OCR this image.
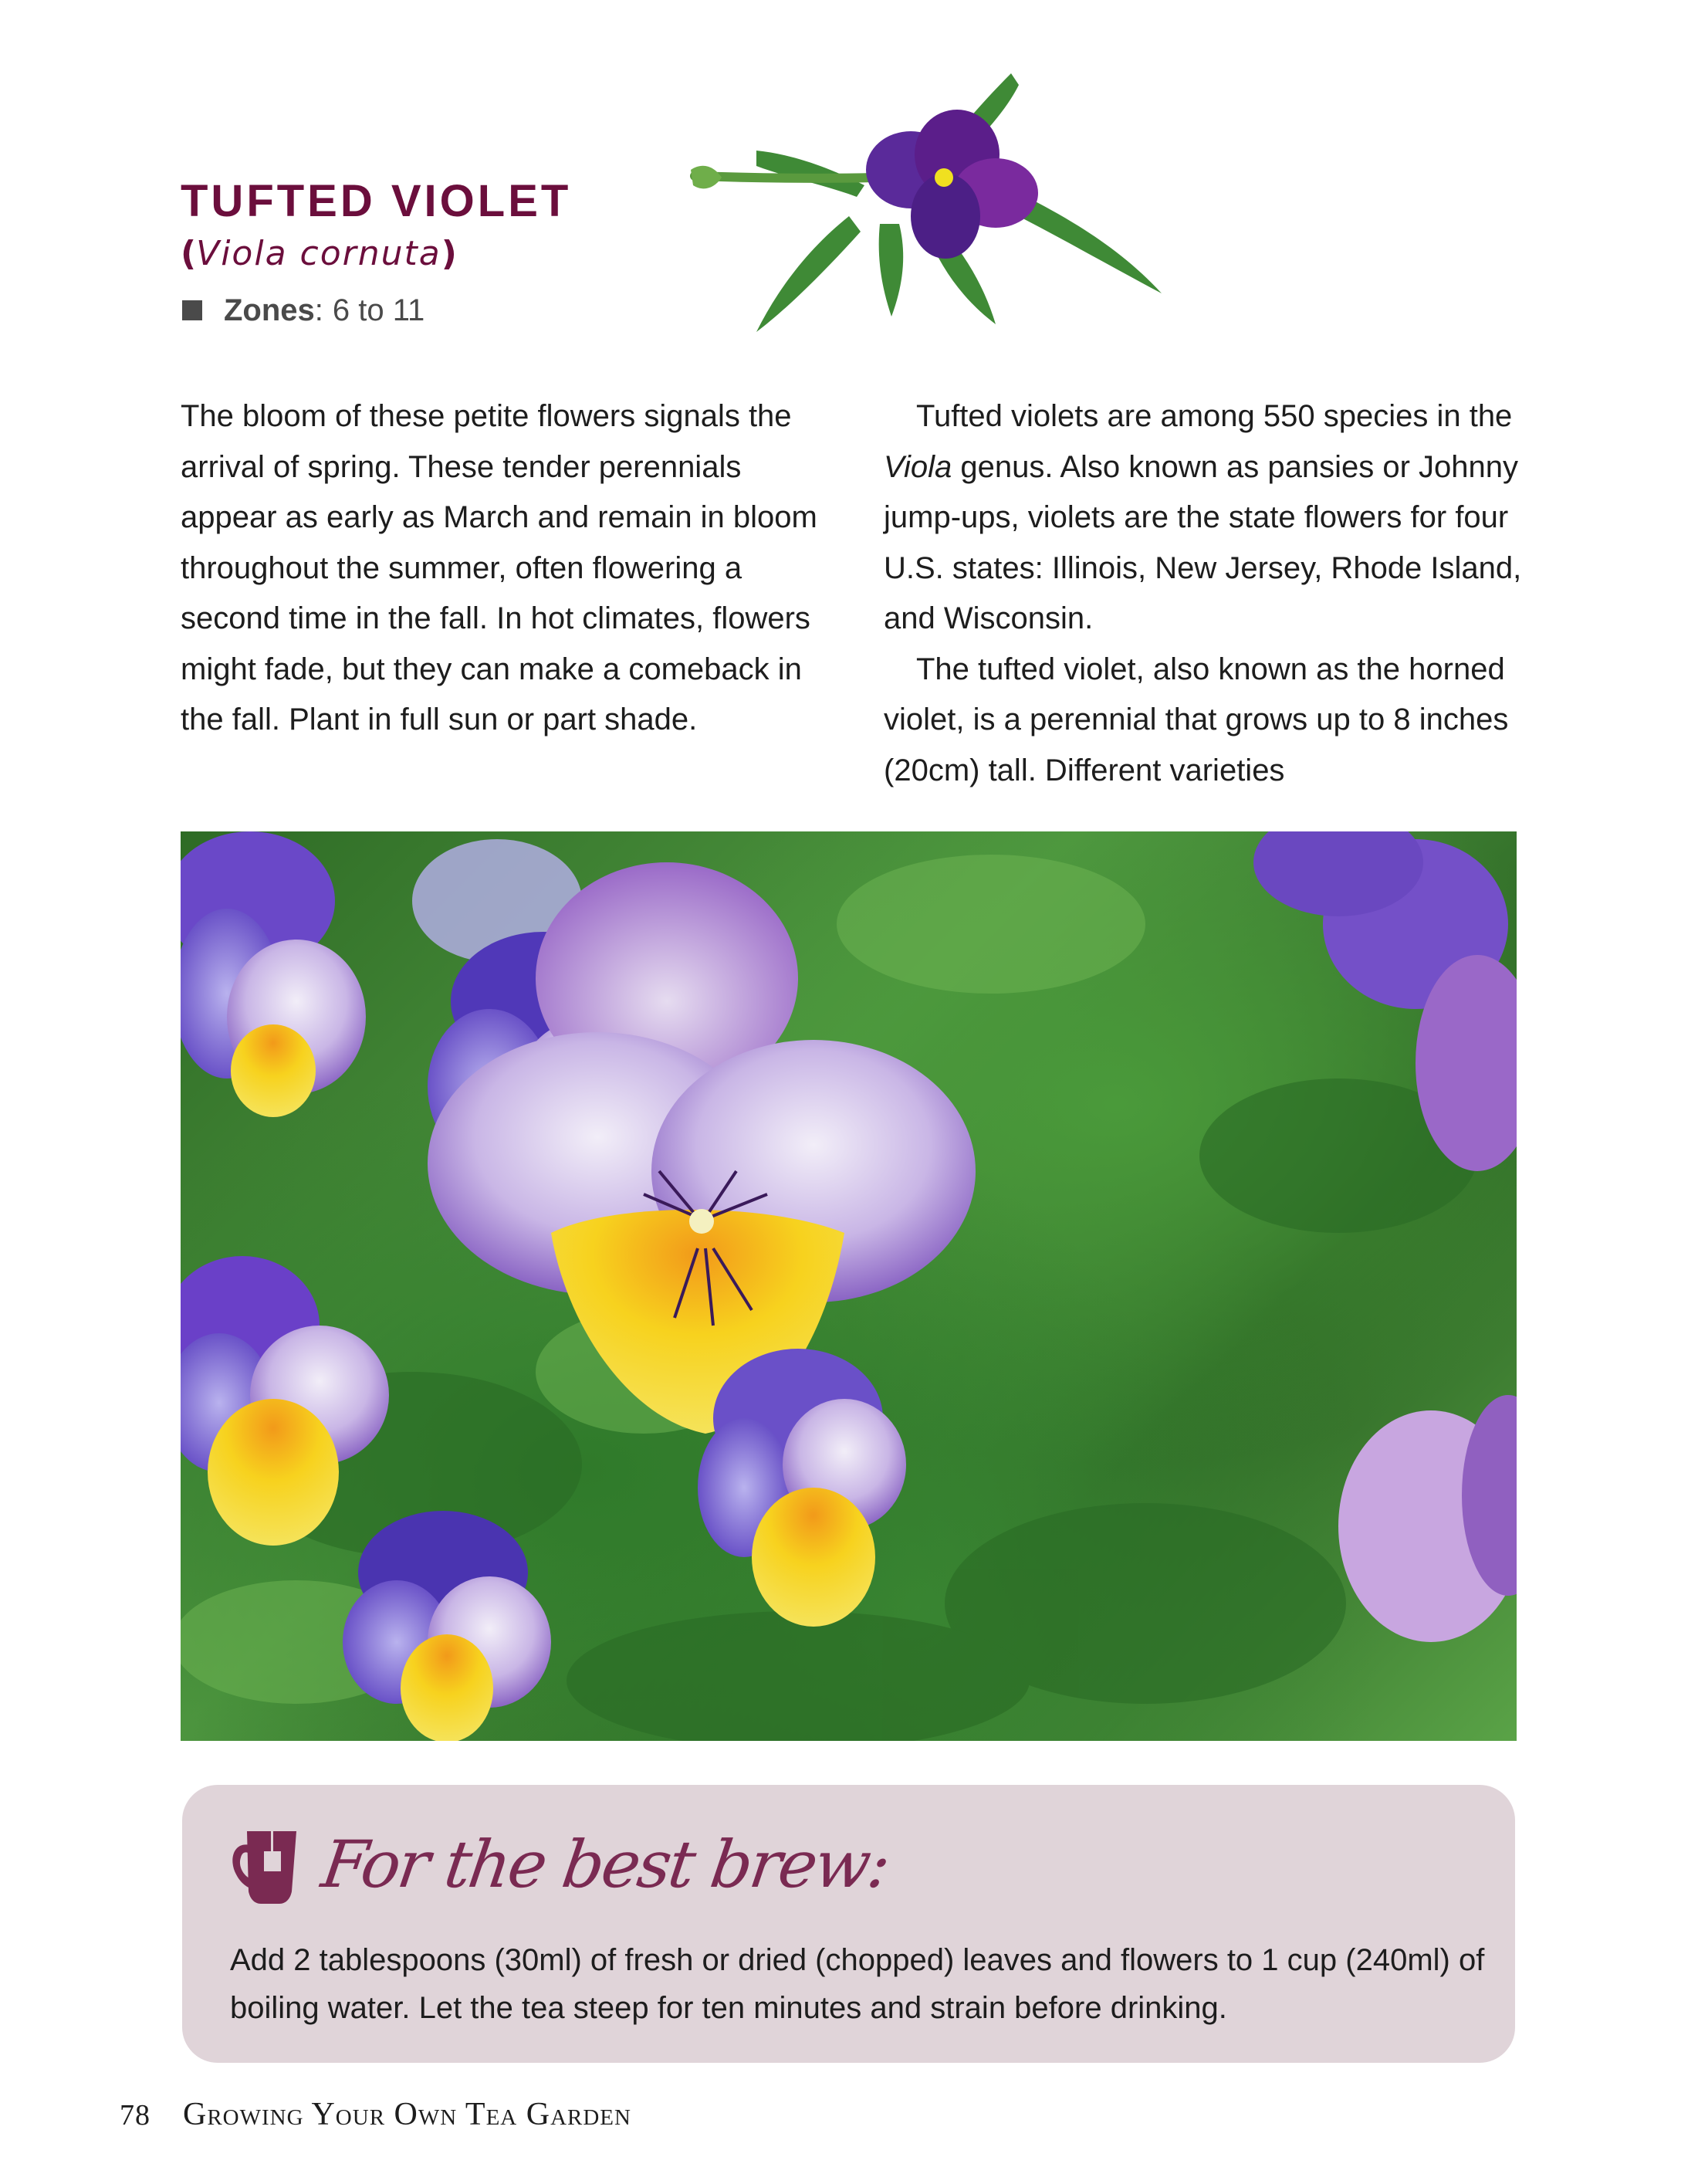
TUFTED VIOLET
(Viola cornuta)
Zones : 6 to 11

The bloom of these petite flowers signals the arrival of spring. These tender perennials appear as early as March and remain in bloom throughout the summer, often flowering a second time in the fall. In hot climates, flowers might fade, but they can make a comeback in the fall. Plant in full sun or part shade.

Tufted violets are among 550 species in the Viola genus. Also known as pansies or Johnny jump-ups, violets are the state flowers for four U.S. states: Illinois, New Jersey, Rhode Island, and Wisconsin.

The tufted violet, also known as the horned violet, is a perennial that grows up to 8 inches (20cm) tall. Different varieties

For the best brew:

Add 2 tablespoons (30ml) of fresh or dried (chopped) leaves and flowers to 1 cup (240ml) of boiling water. Let the tea steep for ten minutes and strain before drinking.

78 Growing Your Own Tea Garden
